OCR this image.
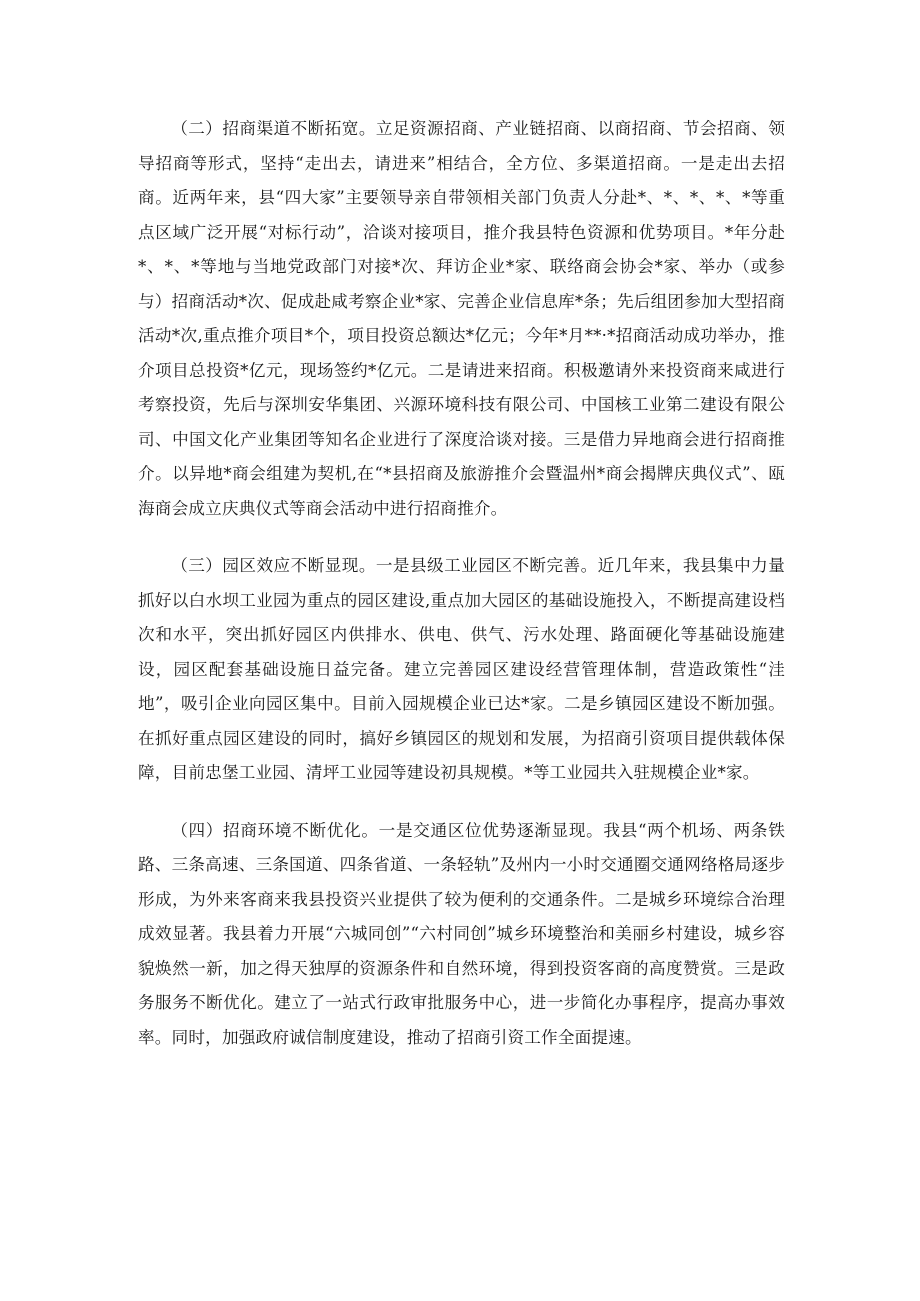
（二）招商渠道不断拓宽。立足资源招商、产业链招商、以商招商、节会招商、领导招商等形式，坚持“走出去，请进来”相结合，全方位、多渠道招商。一是走出去招商。近两年来，县“四大家”主要领导亲自带领相关部门负责人分赴*、*、*、*、*等重点区域广泛开展“对标行动”，洽谈对接项目，推介我县特色资源和优势项目。*年分赴*、*、*等地与当地党政部门对接*次、拜访企业*家、联络商会协会*家、举办（或参与）招商活动*次、促成赴咸考察企业*家、完善企业信息库*条；先后组团参加大型招商活动*次,重点推介项目*个，项目投资总额达*亿元；今年*月**·*招商活动成功举办，推介项目总投资*亿元，现场签约*亿元。二是请进来招商。积极邀请外来投资商来咸进行考察投资，先后与深圳安华集团、兴源环境科技有限公司、中国核工业第二建设有限公司、中国文化产业集团等知名企业进行了深度洽谈对接。三是借力异地商会进行招商推介。以异地*商会组建为契机,在“*县招商及旅游推介会暨温州*商会揭牌庆典仪式”、瓯海商会成立庆典仪式等商会活动中进行招商推介。

（三）园区效应不断显现。一是县级工业园区不断完善。近几年来，我县集中力量抓好以白水坝工业园为重点的园区建设,重点加大园区的基础设施投入，不断提高建设档次和水平，突出抓好园区内供排水、供电、供气、污水处理、路面硬化等基础设施建设，园区配套基础设施日益完备。建立完善园区建设经营管理体制，营造政策性“洼地”，吸引企业向园区集中。目前入园规模企业已达*家。二是乡镇园区建设不断加强。在抓好重点园区建设的同时，搞好乡镇园区的规划和发展，为招商引资项目提供载体保障，目前忠堡工业园、清坪工业园等建设初具规模。*等工业园共入驻规模企业*家。

（四）招商环境不断优化。一是交通区位优势逐渐显现。我县“两个机场、两条铁路、三条高速、三条国道、四条省道、一条轻轨”及州内一小时交通圈交通网络格局逐步形成，为外来客商来我县投资兴业提供了较为便利的交通条件。二是城乡环境综合治理成效显著。我县着力开展“六城同创”“六村同创”城乡环境整治和美丽乡村建设，城乡容貌焕然一新，加之得天独厚的资源条件和自然环境，得到投资客商的高度赞赏。三是政务服务不断优化。建立了一站式行政审批服务中心，进一步简化办事程序，提高办事效率。同时，加强政府诚信制度建设，推动了招商引资工作全面提速。
